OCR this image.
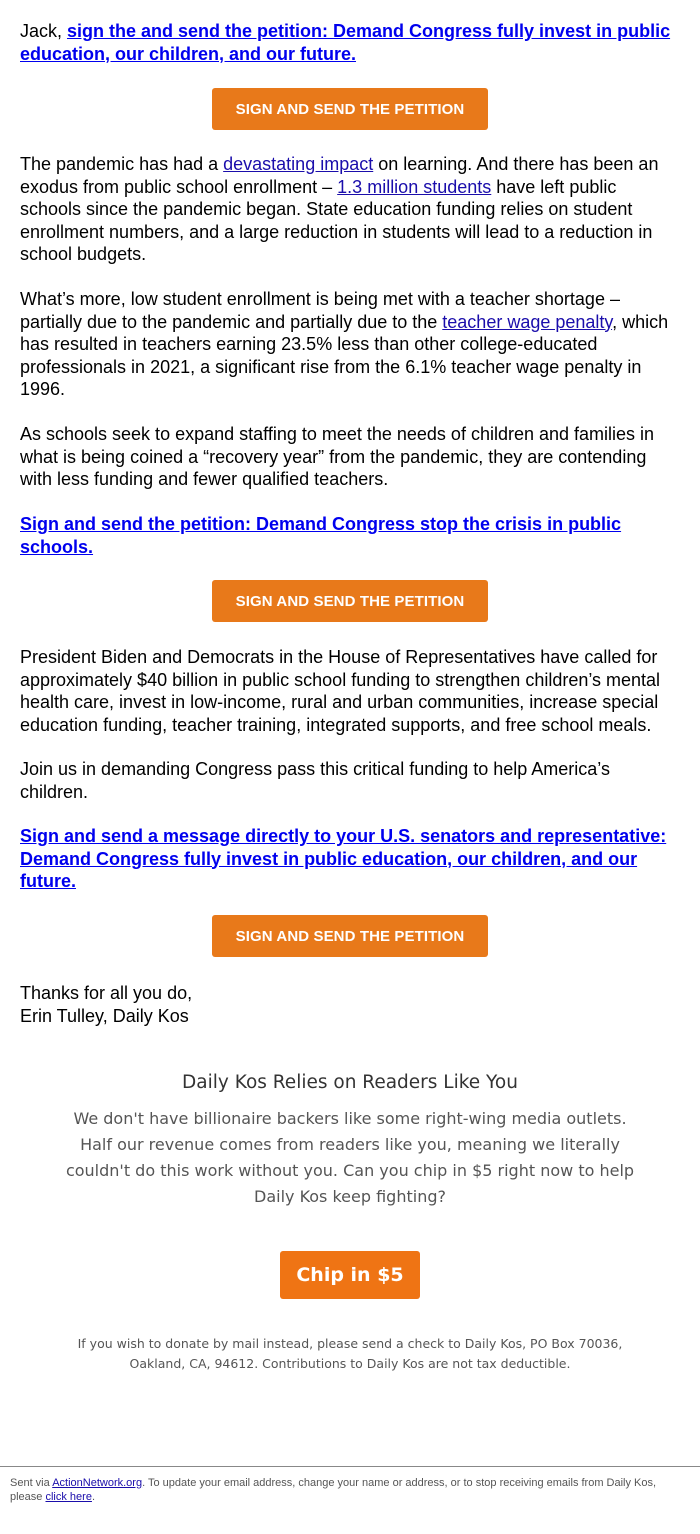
Jack, sign the and send the petition: Demand Congress fully invest in public education, our children, and our future.

SIGN AND SEND THE PETITION

The pandemic has had a devastating impact on learning. And there has been an exodus from public school enrollment – 1.3 million students have left public schools since the pandemic began. State education funding relies on student enrollment numbers, and a large reduction in students will lead to a reduction in school budgets.

What’s more, low student enrollment is being met with a teacher shortage – partially due to the pandemic and partially due to the teacher wage penalty, which has resulted in teachers earning 23.5% less than other college-educated professionals in 2021, a significant rise from the 6.1% teacher wage penalty in 1996.

As schools seek to expand staffing to meet the needs of children and families in what is being coined a “recovery year” from the pandemic, they are contending with less funding and fewer qualified teachers.

Sign and send the petition: Demand Congress stop the crisis in public schools.

SIGN AND SEND THE PETITION

President Biden and Democrats in the House of Representatives have called for approximately $40 billion in public school funding to strengthen children’s mental health care, invest in low-income, rural and urban communities, increase special education funding, teacher training, integrated supports, and free school meals.

Join us in demanding Congress pass this critical funding to help America’s children.

Sign and send a message directly to your U.S. senators and representative: Demand Congress fully invest in public education, our children, and our future.

SIGN AND SEND THE PETITION

Thanks for all you do,
Erin Tulley, Daily Kos

Daily Kos Relies on Readers Like You
We don't have billionaire backers like some right-wing media outlets. Half our revenue comes from readers like you, meaning we literally couldn't do this work without you. Can you chip in $5 right now to help Daily Kos keep fighting?
Chip in $5
If you wish to donate by mail instead, please send a check to Daily Kos, PO Box 70036, Oakland, CA, 94612. Contributions to Daily Kos are not tax deductible.
Sent via ActionNetwork.org. To update your email address, change your name or address, or to stop receiving emails from Daily Kos, please click here.
